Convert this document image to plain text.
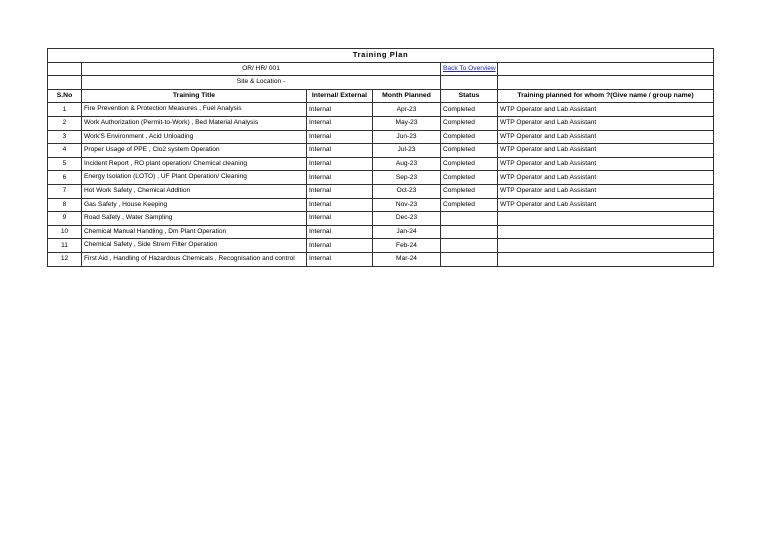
Training Plan					
	OR/ HR/ 001			Back To Overview	
	Site & Location -				
S.No	Training Title	Internal/ External	Month Planned	Status	Training planned for whom ?(Give name / group name)
1	Fire Prevention & Protection Measures , Fuel Analysis	Internal	Apr-23	Completed	WTP Operator and Lab Assistant
2	Work Authorization (Permit-to-Work) , Bed Material Analysis	Internal	May-23	Completed	WTP Operator and Lab Assistant
3	Work'S Environment , Acid Unloading	Internal	Jun-23	Completed	WTP Operator and Lab Assistant
4	Proper Usage of PPE , Clo2 system Operation	Internal	Jul-23	Completed	WTP Operator and Lab Assistant
5	Incident Report , RO plant operation/ Chemical cleaning	Internal	Aug-23	Completed	WTP Operator and Lab Assistant
6	Energy Isolation (LOTO) , UF Plant Operation/ Cleaning	Internal	Sep-23	Completed	WTP Operator and Lab Assistant
7	Hot Work Safety , Chemical Addition	Internal	Oct-23	Completed	WTP Operator and Lab Assistant
8	Gas Safety , House Keeping	Internal	Nov-23	Completed	WTP Operator and Lab Assistant
9	Road Safety , Water Sampling	Internal	Dec-23		
10	Chemical Manual Handling , Dm Plant Operation	Internal	Jan-24		
11	Chemical Safety , Side Strem Filter Operation	Internal	Feb-24		
12	First Aid , Handling of Hazardous Chemicals , Recognisation and control	Internal	Mar-24		
